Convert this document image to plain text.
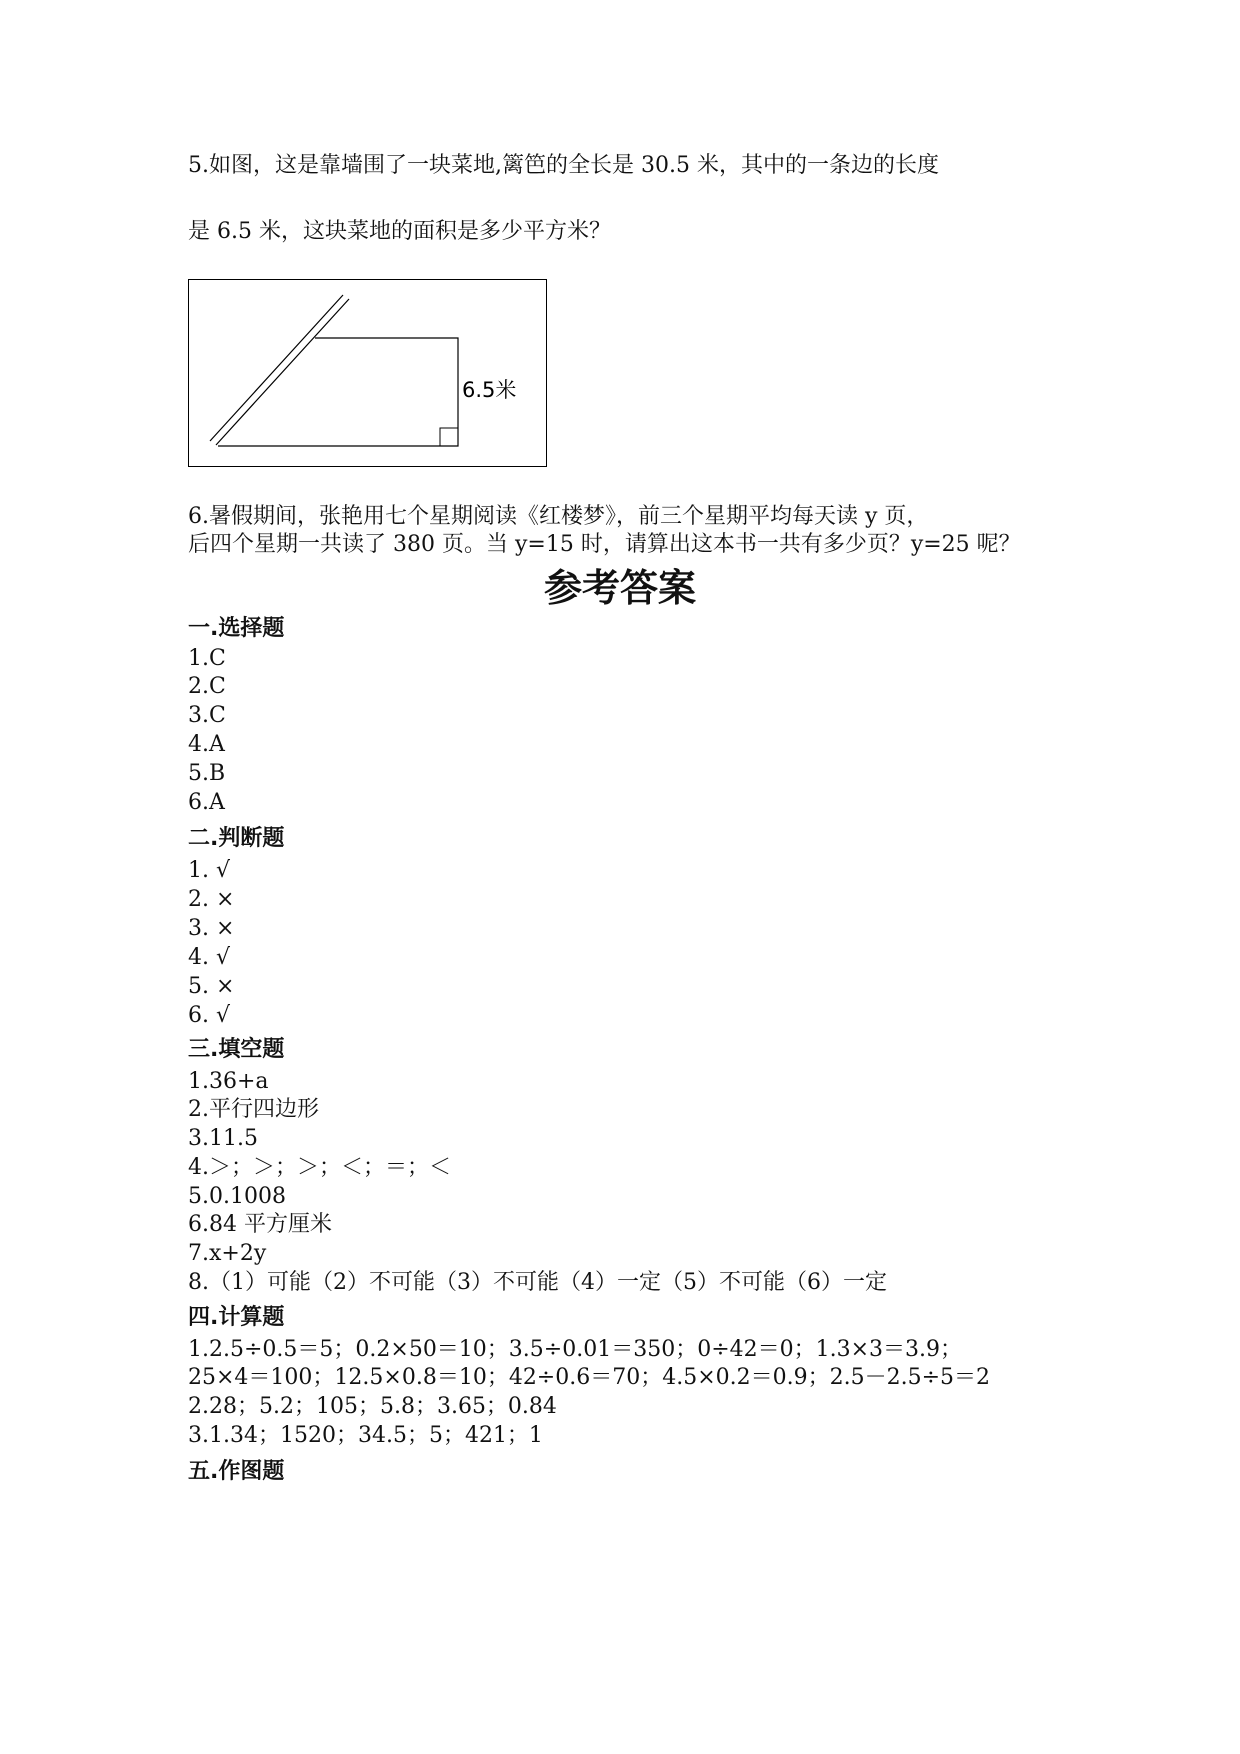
5.如图，这是靠墙围了一块菜地,篱笆的全长是 30.5 米，其中的一条边的长度
是 6.5 米，这块菜地的面积是多少平方米？
6.5米
6.暑假期间，张艳用七个星期阅读《红楼梦》，前三个星期平均每天读 y 页，
后四个星期一共读了 380 页。当 y=15 时，请算出这本书一共有多少页？y=25 呢？
参考答案
一.选择题
1.C
2.C
3.C
4.A
5.B
6.A
二.判断题
1. √
2. ×
3. ×
4. √
5. ×
6. √
三.填空题
1.36+a
2.平行四边形
3.11.5
4.＞；＞；＞；＜；＝；＜
5.0.1008
6.84 平方厘米
7.x+2y
8.（1）可能（2）不可能（3）不可能（4）一定（5）不可能（6）一定
四.计算题
1.2.5÷0.5＝5；0.2×50＝10；3.5÷0.01＝350；0÷42＝0；1.3×3＝3.9；
25×4＝100；12.5×0.8＝10；42÷0.6＝70；4.5×0.2＝0.9；2.5－2.5÷5＝2
2.28；5.2；105；5.8；3.65；0.84
3.1.34；1520；34.5；5；421；1
五.作图题
